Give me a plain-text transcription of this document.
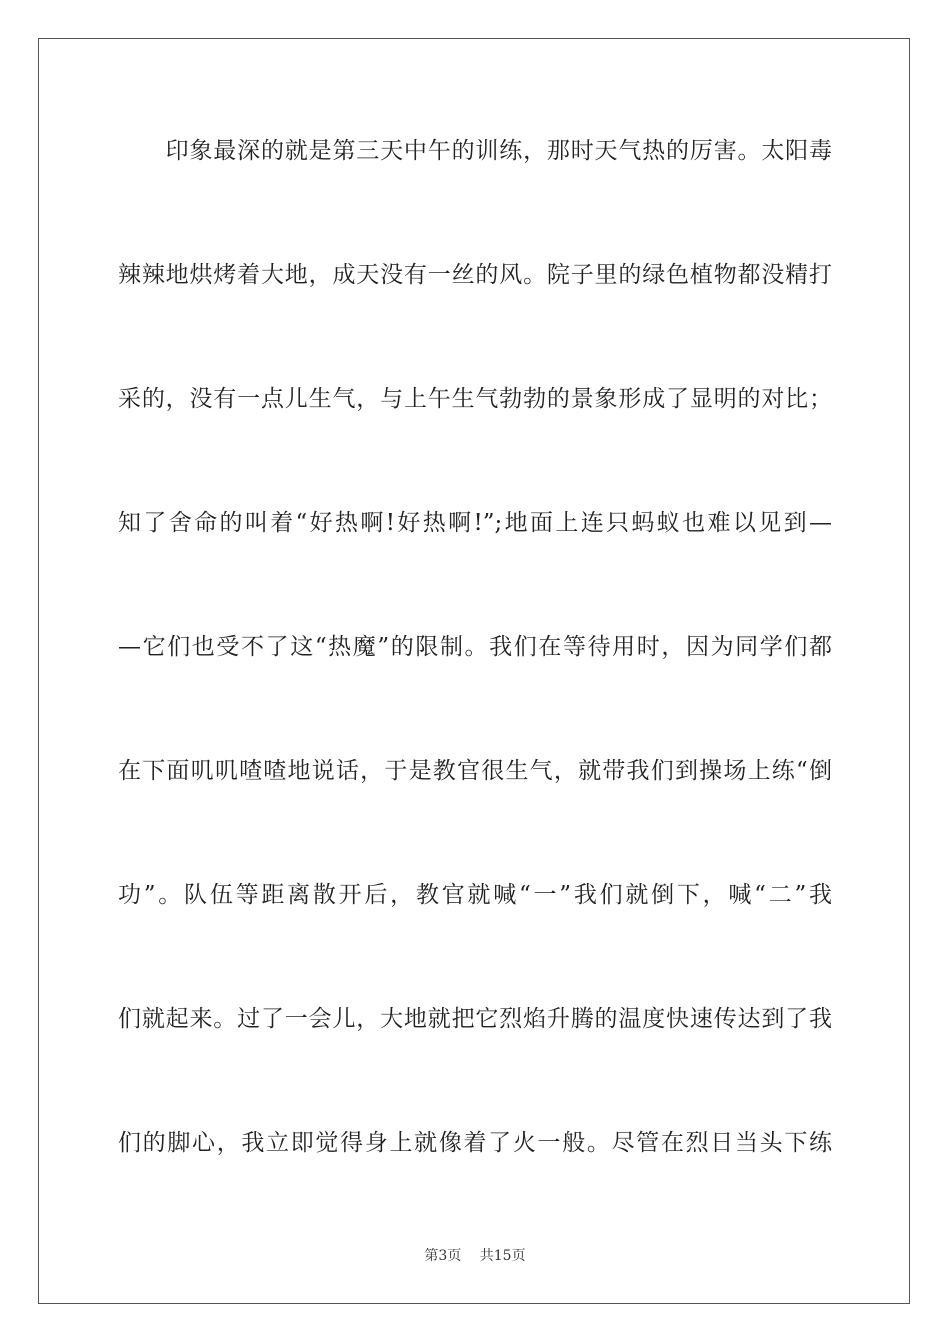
　　印象最深的就是第三天中午的训练，那时天气热的厉害。太阳毒
辣辣地烘烤着大地，成天没有一丝的风。院子里的绿色植物都没精打
采的，没有一点儿生气，与上午生气勃勃的景象形成了显明的对比；
知了舍命的叫着“好热啊!好热啊!”;地面上连只蚂蚁也难以见到—
—它们也受不了这“热魔”的限制。我们在等待用时，因为同学们都
在下面叽叽喳喳地说话，于是教官很生气，就带我们到操场上练“倒
功”。队伍等距离散开后，教官就喊“一”我们就倒下，喊“二”我
们就起来。过了一会儿，大地就把它烈焰升腾的温度快速传达到了我
们的脚心，我立即觉得身上就像着了火一般。尽管在烈日当头下练
第3页　 共15页
